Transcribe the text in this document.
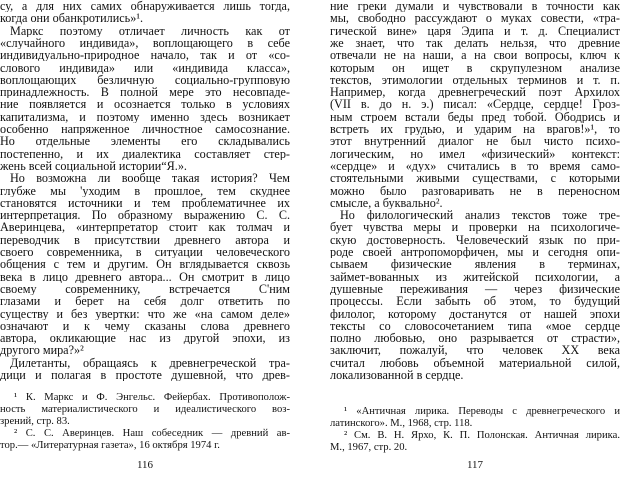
су, а для них самих обнаруживается лишь тогда,
когда они обанкротились»¹.
Маркс поэтому отличает личность как от
«случайного индивида», воплощающего в себе
индивидуально-природное начало, так и от «со-
слового индивида» или «индивида класса»,
воплощающих безличную социально-групповую
принадлежность. В полной мере это несовпаде-
ние появляется и осознается только в условиях
капитализма, и поэтому именно здесь возникает
особенно напряженное личностное самосознание.
Но отдельные элементы его складывались
постепенно, и их диалектика составляет стер-
жень всей социальной истории“Я.».
Но возможна ли вообще такая история? Чем
глубже мы 'уходим в прошлое, тем скуднее
становятся источники и тем проблематичнее их
интерпретация. По образному выражению С. С.
Аверинцева, «интерпретатор стоит как толмач и
переводчик в присутствии древнего автора и
своего современника, в ситуации человеческого
общения с тем и другим. Он вглядывается сквозь
века в лицо древнего автора... Он смотрит в лицо
своему современнику, встречается С'ним
глазами и берет на себя долг ответить по
существу и без увертки: что же «на самом деле»
означают и к чему сказаны слова древнего
автора, окликающие нас из другой эпохи, из
другого мира?»²
Дилетанты, обращаясь к древнегреческой тра-
дици и полагая в простоте душевной, что древ-
ние греки думали и чувствовали в точности как
мы, свободно рассуждают о муках совести, «тра-
гической вине» царя Эдипа и т. д. Специалист
же знает, что так делать нельзя, что древние
отвечали не на наши, а на свои вопросы, ключ к
которым он ищет в скрупулезном анализе
текстов, этимологии отдельных терминов и т. п.
Например, когда древнегреческий поэт Архилох
(VII в. до н. э.) писал: «Сердце, сердце! Гроз-
ным строем встали беды пред тобой. Ободрись и
встреть их грудью, и ударим на врагов!»¹, то
этот внутренний диалог не был чисто психо-
логическим, но имел «физический» контекст:
«сердце» и «дух» считались в то время само-
стоятельными живыми существами, с которыми
можно было разговаривать не в переносном
смысле, а буквально².
Но филологический анализ текстов тоже тре-
бует чувства меры и проверки на психологиче-
скую достоверность. Человеческий язык по при-
роде своей антропоморфичен, мы и сегодня опи-
сываем физические явления в терминах,
займет-вованных из житейской психологии, а
душевные переживания — через физические
процессы. Если забыть об этом, то будущий
филолог, которому достанутся от нашей эпохи
тексты со словосочетанием типа «мое сердце
полно любовью, оно разрывается от страсти»,
заключит, пожалуй, что человек XX века
считал любовь объемной материальной силой,
локализованной в сердце.
¹ К. Маркс и Ф. Энгельс. Фейербах. Противополож-
ность материалистического и идеалистического воз-
зрений, стр. 83.
² С. С. Аверинцев. Наш собеседник — древний ав-
тор.— «Литературная газета», 16 октября 1974 г.
116
¹ «Античная лирика. Переводы с древнегреческого и
латинского». М., 1968, стр. 118.
² См. В. Н. Ярхо, К. П. Полонская. Античная лирика.
М., 1967, стр. 20.
117
